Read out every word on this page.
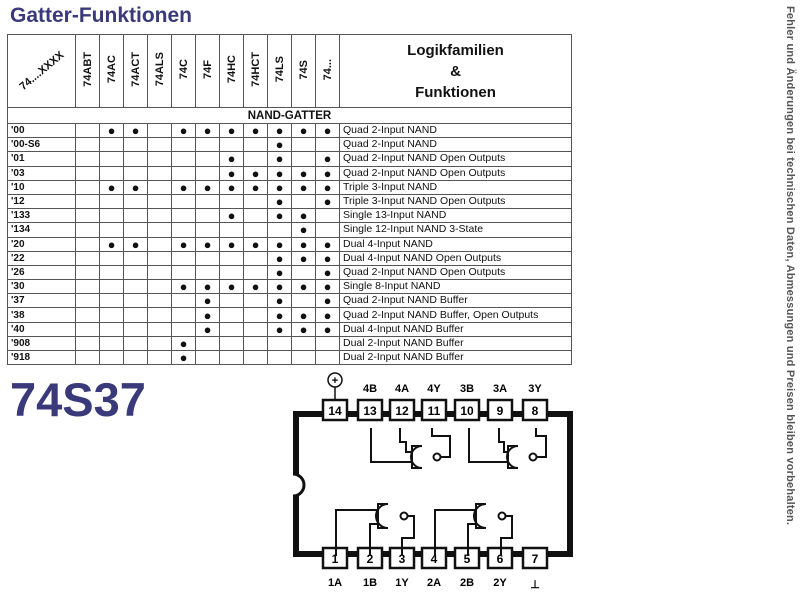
Gatter-Funktionen
74....XXXX	74ABT	74AC	74ACT	74ALS	74C	74F	74HC	74HCT	74LS	74S	74...	Logikfamilien
&
Funktionen

NAND-GATTER												
'00		●	●		●	●	●	●	●	●	●	Quad 2-Input NAND
'00-S6									●			Quad 2-Input NAND
'01							●		●		●	Quad 2-Input NAND Open Outputs
'03							●	●	●	●	●	Quad 2-Input NAND Open Outputs
'10		●	●		●	●	●	●	●	●	●	Triple 3-Input NAND
'12									●		●	Triple 3-Input NAND Open Outputs
'133							●		●	●		Single 13-Input NAND
'134										●		Single 12-Input NAND 3-State
'20		●	●		●	●	●	●	●	●	●	Dual 4-Input NAND
'22									●	●	●	Dual 4-Input NAND Open Outputs
'26									●		●	Quad 2-Input NAND Open Outputs
'30					●	●	●	●	●	●	●	Single 8-Input NAND
'37						●			●		●	Quad 2-Input NAND Buffer
'38						●			●	●	●	Quad 2-Input NAND Buffer, Open Outputs
'40						●			●	●	●	Dual 4-Input NAND Buffer
'908					●							Dual 2-Input NAND Buffer
'918					●							Dual 2-Input NAND Buffer
74S37	+
14 13
4B
12
4A
11
4Y
10
3B
9
3A
8
3Y
1
1A
2
1B
3
1Y
4
2A
5
2B
6
2Y
7
⊥
Fehler und Änderungen bei technischen Daten, Abmessungen und Preisen bleiben vorbehalten.
